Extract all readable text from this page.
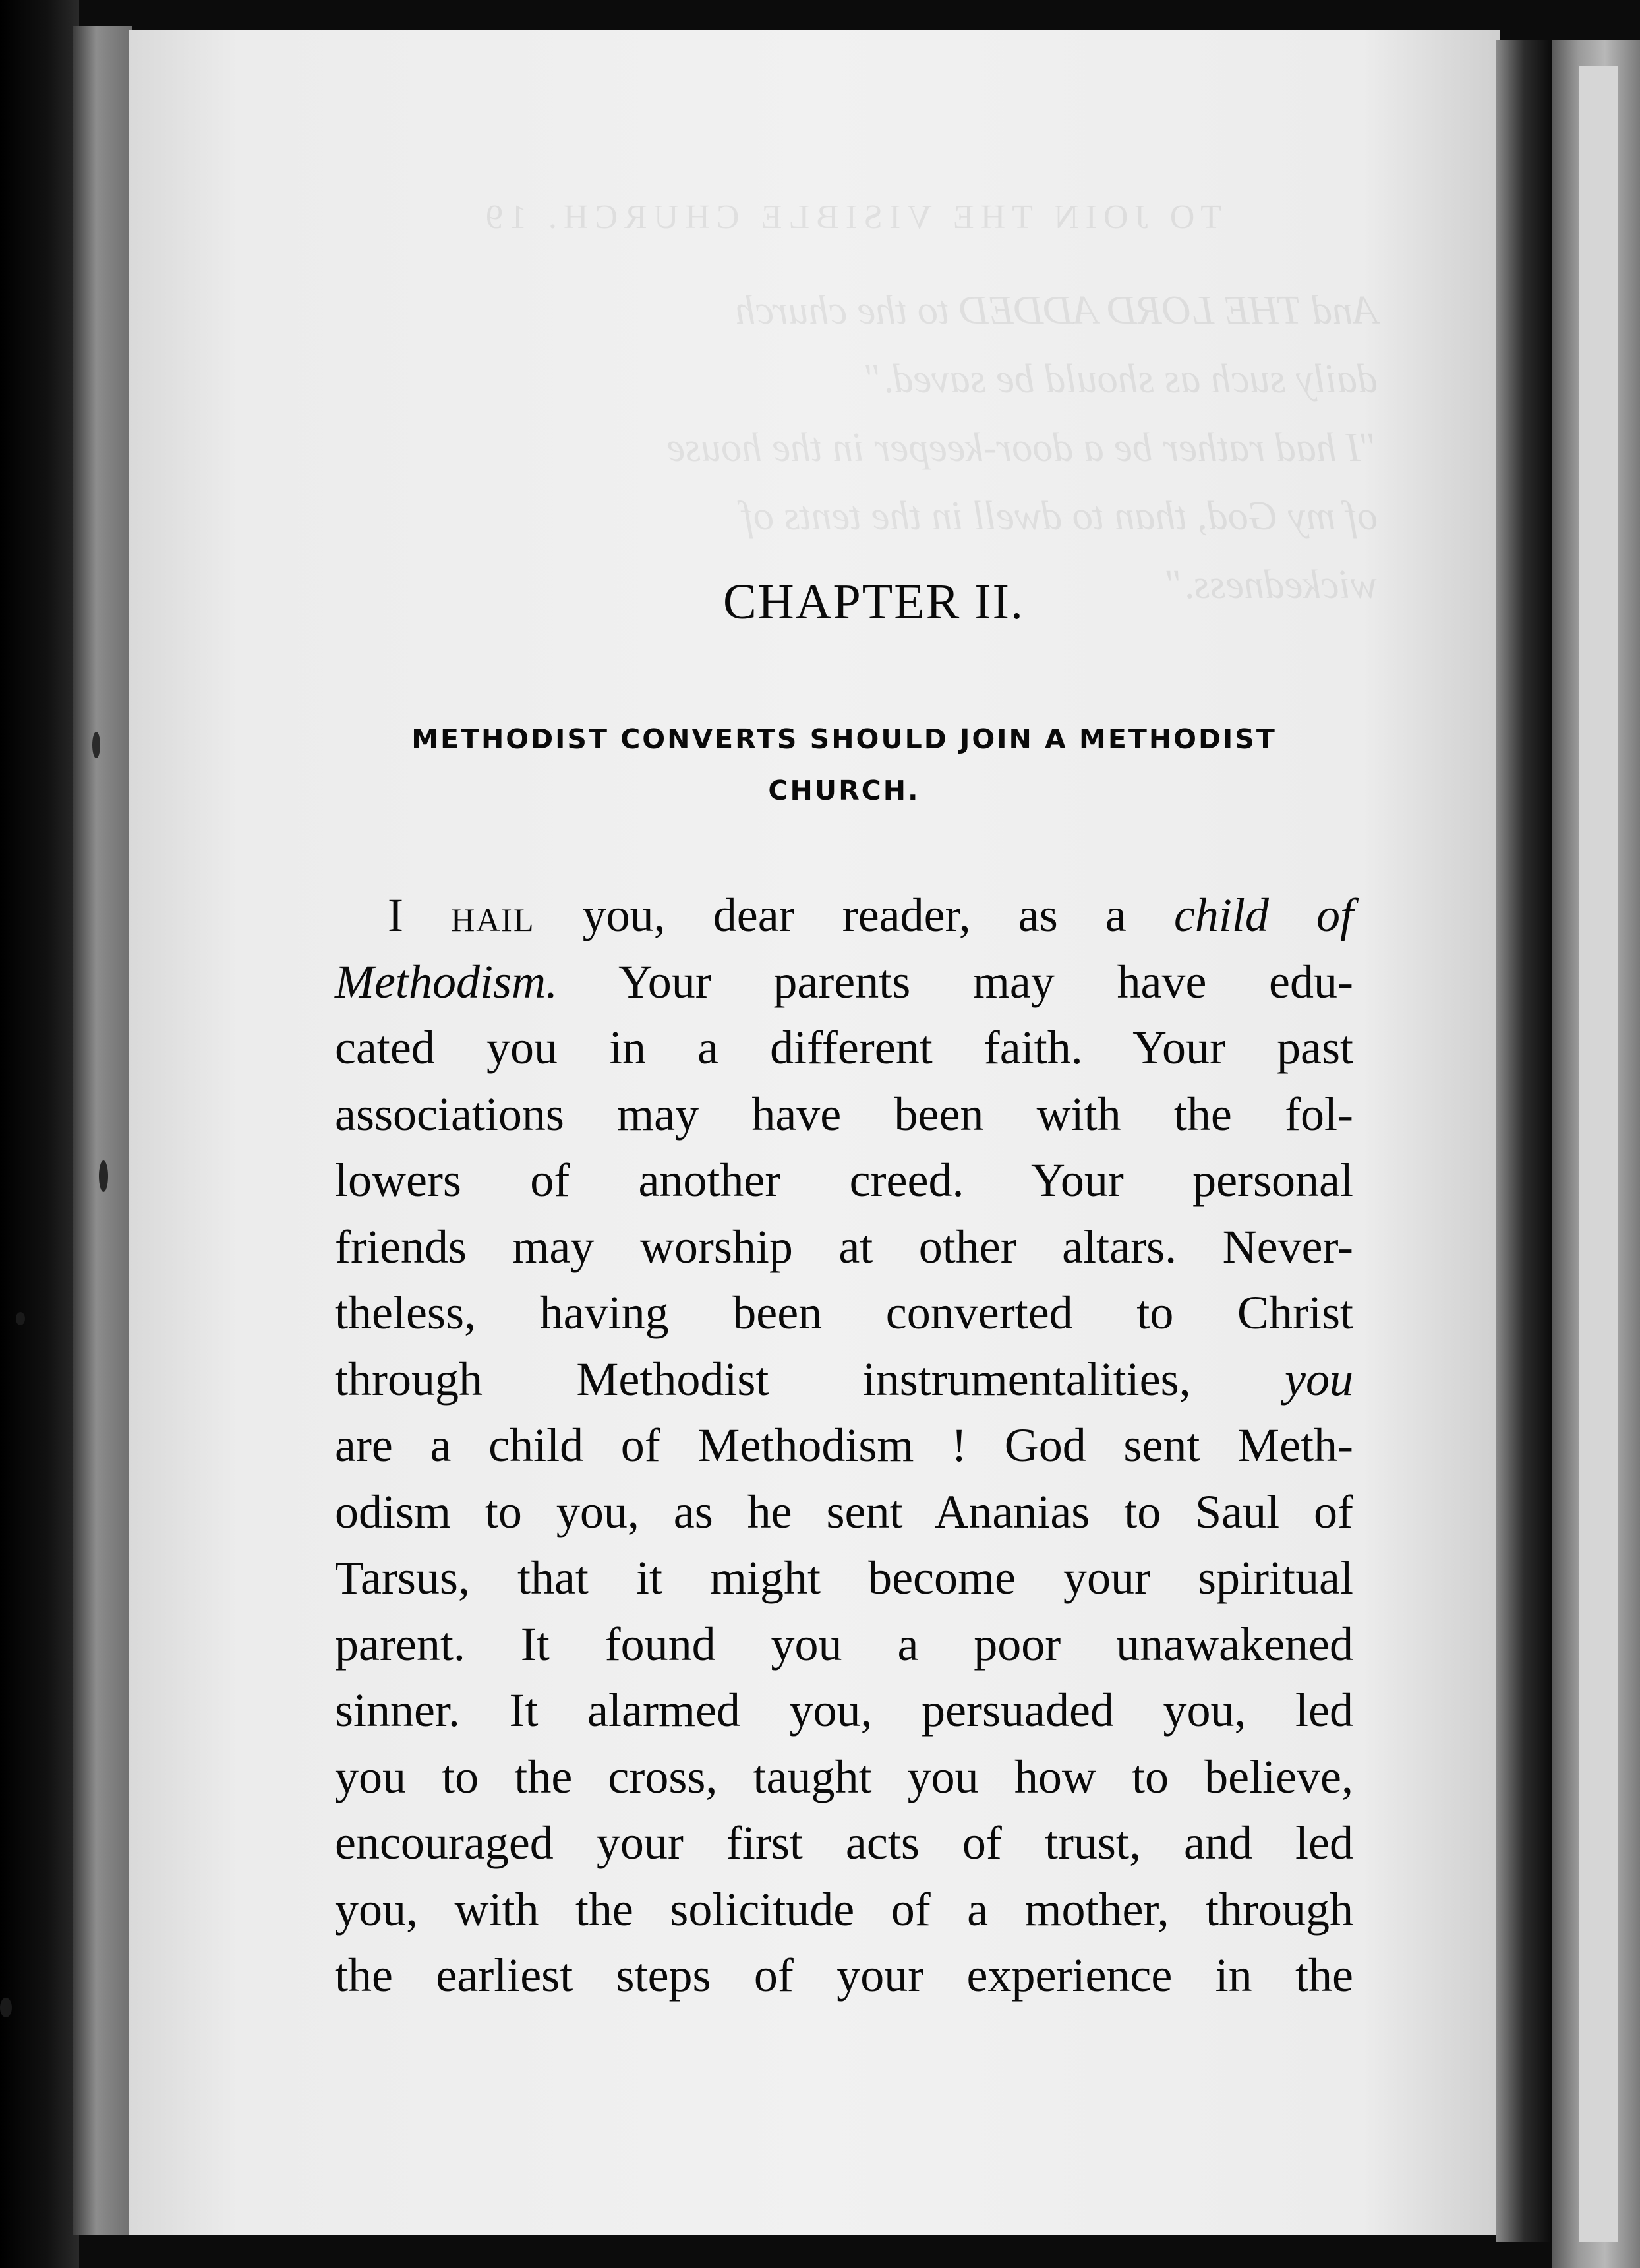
CHAPTER II.
METHODIST CONVERTS SHOULD JOIN A METHODIST
CHURCH.
I hail you, dear reader, as a child of
Methodism. Your parents may have edu-
cated you in a different faith. Your past
associations may have been with the fol-
lowers of another creed. Your personal
friends may worship at other altars. Never-
theless, having been converted to Christ
through Methodist instrumentalities, you
are a child of Methodism ! God sent Meth-
odism to you, as he sent Ananias to Saul of
Tarsus, that it might become your spiritual
parent. It found you a poor unawakened
sinner. It alarmed you, persuaded you, led
you to the cross, taught you how to believe,
encouraged your first acts of trust, and led
you, with the solicitude of a mother, through
the earliest steps of your experience in the
